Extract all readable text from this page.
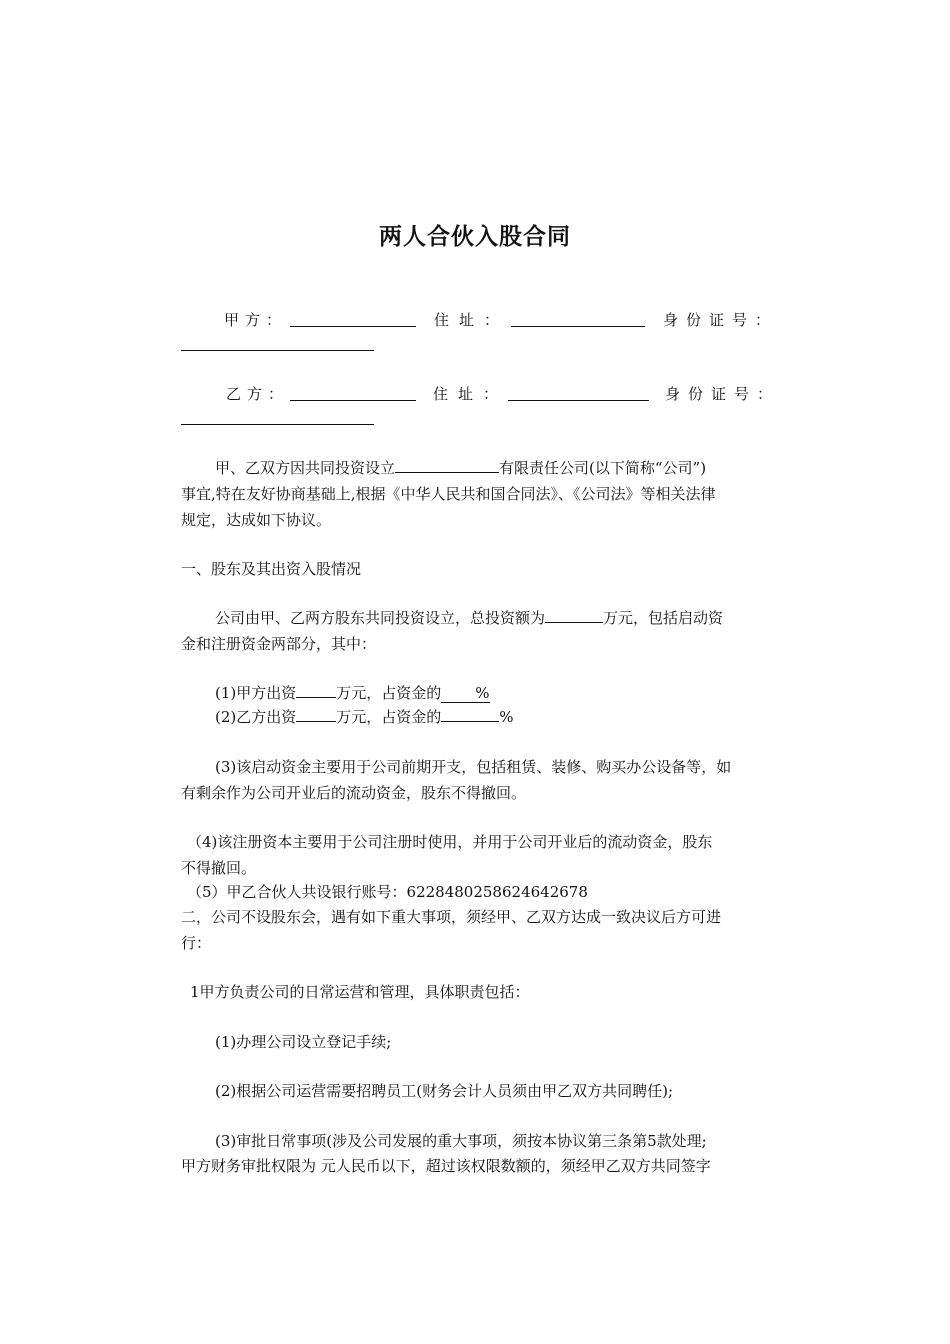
两人合伙入股合同
甲方：	住址：	身份证号：
乙方：	住址：	身份证号：
甲、乙双方因共同投资设立	有限责任公司(以下简称“公司”)
事宜,特在友好协商基础上,根据《中华人民共和国合同法》、《公司法》等相关法律
规定，达成如下协议。
一、股东及其出资入股情况
公司由甲、乙两方股东共同投资设立，总投资额为	万元，包括启动资
金和注册资金两部分，其中：
(1)甲方出资	万元，占资金的 %
(2)乙方出资	万元，占资金的	%
(3)该启动资金主要用于公司前期开支，包括租赁、装修、购买办公设备等，如
有剩余作为公司开业后的流动资金，股东不得撤回。
（4)该注册资本主要用于公司注册时使用，并用于公司开业后的流动资金，股东
不得撤回。
（5）甲乙合伙人共设银行账号：6228480258624642678
二，公司不设股东会，遇有如下重大事项，须经甲、乙双方达成一致决议后方可进
行：
1甲方负责公司的日常运营和管理，具体职责包括：
(1)办理公司设立登记手续;
(2)根据公司运营需要招聘员工(财务会计人员须由甲乙双方共同聘任);
(3)审批日常事项(涉及公司发展的重大事项，须按本协议第三条第5款处理;
甲方财务审批权限为 元人民币以下，超过该权限数额的，须经甲乙双方共同签字
